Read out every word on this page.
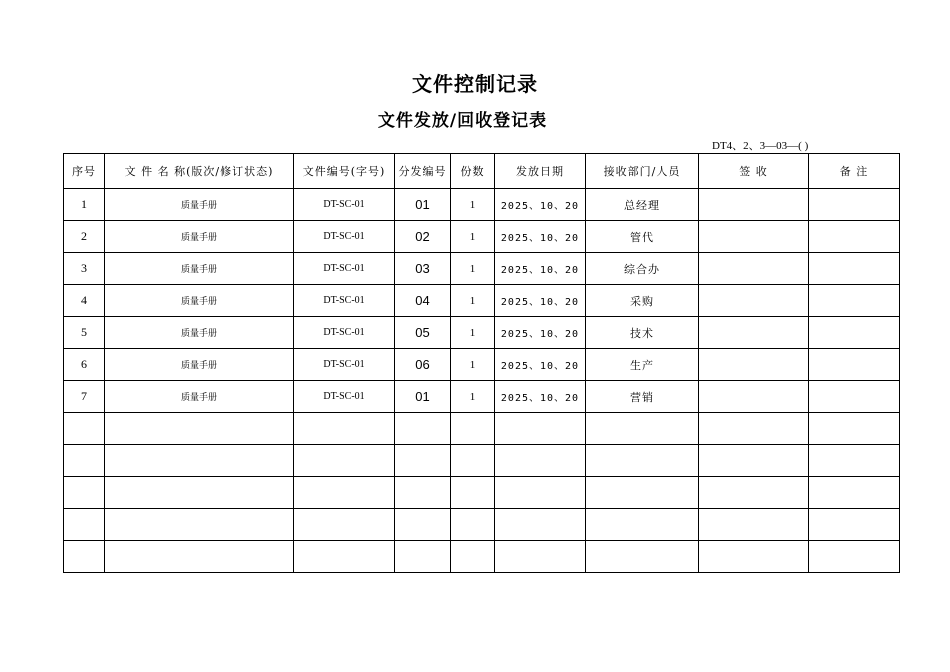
文件控制记录
文件发放/回收登记表
DT4、2、3—03—( )
序号	文 件 名 称(版次/修订状态)	文件编号(字号)	分发编号	份数	发放日期	接收部门/人员	签 收	备 注
1	质量手册	DT-SC-01	01	1	2025、10、20	总经理		
2	质量手册	DT-SC-01	02	1	2025、10、20	管代		
3	质量手册	DT-SC-01	03	1	2025、10、20	综合办		
4	质量手册	DT-SC-01	04	1	2025、10、20	采购		
5	质量手册	DT-SC-01	05	1	2025、10、20	技术		
6	质量手册	DT-SC-01	06	1	2025、10、20	生产		
7	质量手册	DT-SC-01	01	1	2025、10、20	营销		
